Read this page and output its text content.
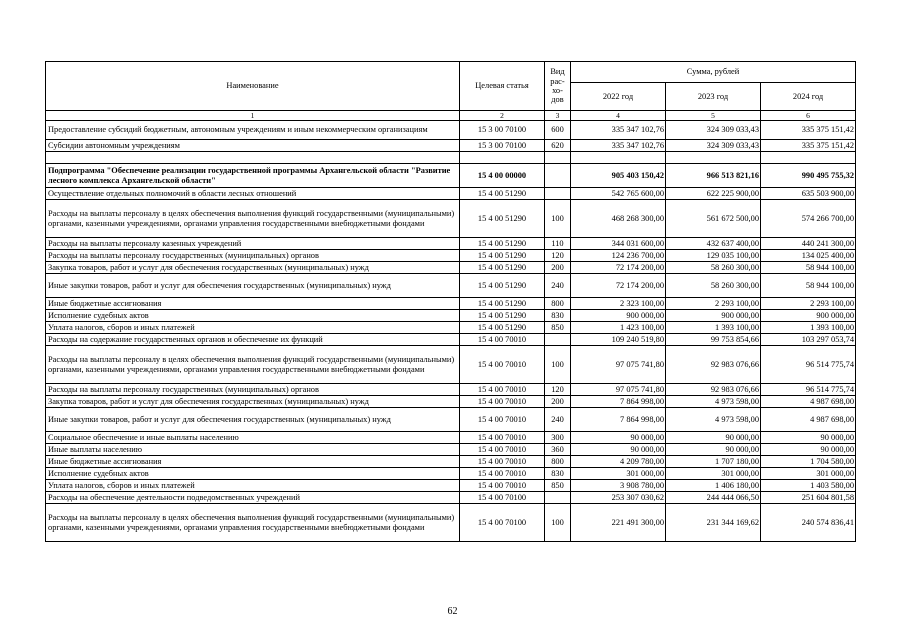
Наименование	Целевая статья	Вид рас-хо-дов	Сумма, рублей		
			2022 год	2023 год	2024 год
1	2	3	4	5	6
Предоставление субсидий бюджетным, автономным учреждениям и иным некоммерческим организациям	15 3 00 70100	600	335 347 102,76	324 309 033,43	335 375 151,42
Субсидии автономным учреждениям	15 3 00 70100	620	335 347 102,76	324 309 033,43	335 375 151,42

Подпрограмма "Обеспечение реализации государственной программы Архангельской области "Развитие лесного комплекса Архангельской области"	15 4 00 00000		905 403 150,42	966 513 821,16	990 495 755,32
Осуществление отдельных полномочий в области лесных отношений	15 4 00 51290		542 765 600,00	622 225 900,00	635 503 900,00
Расходы на выплаты персоналу в целях обеспечения выполнения функций государственными (муниципальными) органами, казенными учреждениями, органами управления государственными внебюджетными фондами	15 4 00 51290	100	468 268 300,00	561 672 500,00	574 266 700,00
Расходы на выплаты персоналу казенных учреждений	15 4 00 51290	110	344 031 600,00	432 637 400,00	440 241 300,00
Расходы на выплаты персоналу государственных (муниципальных) органов	15 4 00 51290	120	124 236 700,00	129 035 100,00	134 025 400,00
Закупка товаров, работ и услуг для обеспечения государственных (муниципальных) нужд	15 4 00 51290	200	72 174 200,00	58 260 300,00	58 944 100,00
Иные закупки товаров, работ и услуг для обеспечения государственных (муниципальных) нужд	15 4 00 51290	240	72 174 200,00	58 260 300,00	58 944 100,00
Иные бюджетные ассигнования	15 4 00 51290	800	2 323 100,00	2 293 100,00	2 293 100,00
Исполнение судебных актов	15 4 00 51290	830	900 000,00	900 000,00	900 000,00
Уплата налогов, сборов и иных платежей	15 4 00 51290	850	1 423 100,00	1 393 100,00	1 393 100,00
Расходы на содержание государственных органов и обеспечение их функций	15 4 00 70010		109 240 519,80	99 753 854,66	103 297 053,74
Расходы на выплаты персоналу в целях обеспечения выполнения функций государственными (муниципальными) органами, казенными учреждениями, органами управления государственными внебюджетными фондами	15 4 00 70010	100	97 075 741,80	92 983 076,66	96 514 775,74
Расходы на выплаты персоналу государственных (муниципальных) органов	15 4 00 70010	120	97 075 741,80	92 983 076,66	96 514 775,74
Закупка товаров, работ и услуг для обеспечения государственных (муниципальных) нужд	15 4 00 70010	200	7 864 998,00	4 973 598,00	4 987 698,00
Иные закупки товаров, работ и услуг для обеспечения государственных (муниципальных) нужд	15 4 00 70010	240	7 864 998,00	4 973 598,00	4 987 698,00
Социальное обеспечение и иные выплаты населению	15 4 00 70010	300	90 000,00	90 000,00	90 000,00
Иные выплаты населению	15 4 00 70010	360	90 000,00	90 000,00	90 000,00
Иные бюджетные ассигнования	15 4 00 70010	800	4 209 780,00	1 707 180,00	1 704 580,00
Исполнение судебных актов	15 4 00 70010	830	301 000,00	301 000,00	301 000,00
Уплата налогов, сборов и иных платежей	15 4 00 70010	850	3 908 780,00	1 406 180,00	1 403 580,00
Расходы на обеспечение деятельности подведомственных учреждений	15 4 00 70100		253 307 030,62	244 444 066,50	251 604 801,58
Расходы на выплаты персоналу в целях обеспечения выполнения функций государственными (муниципальными) органами, казенными учреждениями, органами управления государственными внебюджетными фондами	15 4 00 70100	100	221 491 300,00	231 344 169,62	240 574 836,41
62
